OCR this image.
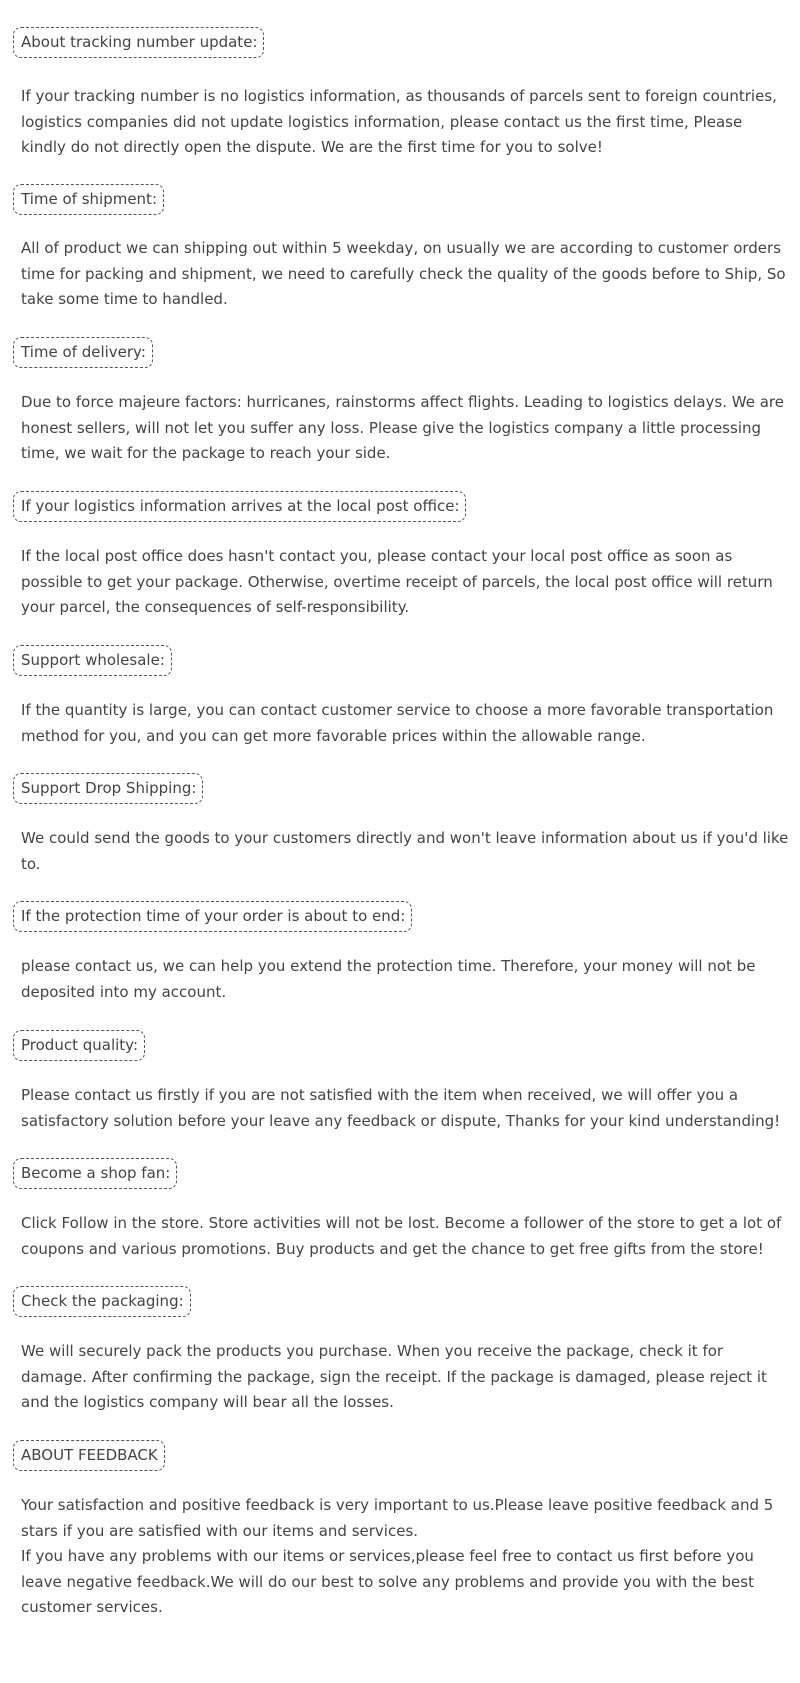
About tracking number update:

If your tracking number is no logistics information, as thousands of parcels sent to foreign countries, logistics companies did not update logistics information, please contact us the first time, Please kindly do not directly open the dispute. We are the first time for you to solve!

Time of shipment:

All of product we can shipping out within 5 weekday, on usually we are according to customer orders time for packing and shipment, we need to carefully check the quality of the goods before to Ship, So take some time to handled.

Time of delivery:

Due to force majeure factors: hurricanes, rainstorms affect flights. Leading to logistics delays. We are honest sellers, will not let you suffer any loss. Please give the logistics company a little processing time, we wait for the package to reach your side.

If your logistics information arrives at the local post office:

If the local post office does hasn't contact you, please contact your local post office as soon as possible to get your package. Otherwise, overtime receipt of parcels, the local post office will return your parcel, the consequences of self-responsibility.

Support wholesale:

If the quantity is large, you can contact customer service to choose a more favorable transportation method for you, and you can get more favorable prices within the allowable range.

Support Drop Shipping:

We could send the goods to your customers directly and won't leave information about us if you'd like to.

If the protection time of your order is about to end:

please contact us, we can help you extend the protection time. Therefore, your money will not be deposited into my account.

Product quality:

Please contact us firstly if you are not satisfied with the item when received, we will offer you a satisfactory solution before your leave any feedback or dispute, Thanks for your kind understanding!

Become a shop fan:

Click Follow in the store. Store activities will not be lost. Become a follower of the store to get a lot of coupons and various promotions. Buy products and get the chance to get free gifts from the store!

Check the packaging:

We will securely pack the products you purchase. When you receive the package, check it for damage. After confirming the package, sign the receipt. If the package is damaged, please reject it and the logistics company will bear all the losses.

ABOUT FEEDBACK

Your satisfaction and positive feedback is very important to us.Please leave positive feedback and 5 stars if you are satisfied with our items and services.
If you have any problems with our items or services,please feel free to contact us first before you leave negative feedback.We will do our best to solve any problems and provide you with the best customer services.
